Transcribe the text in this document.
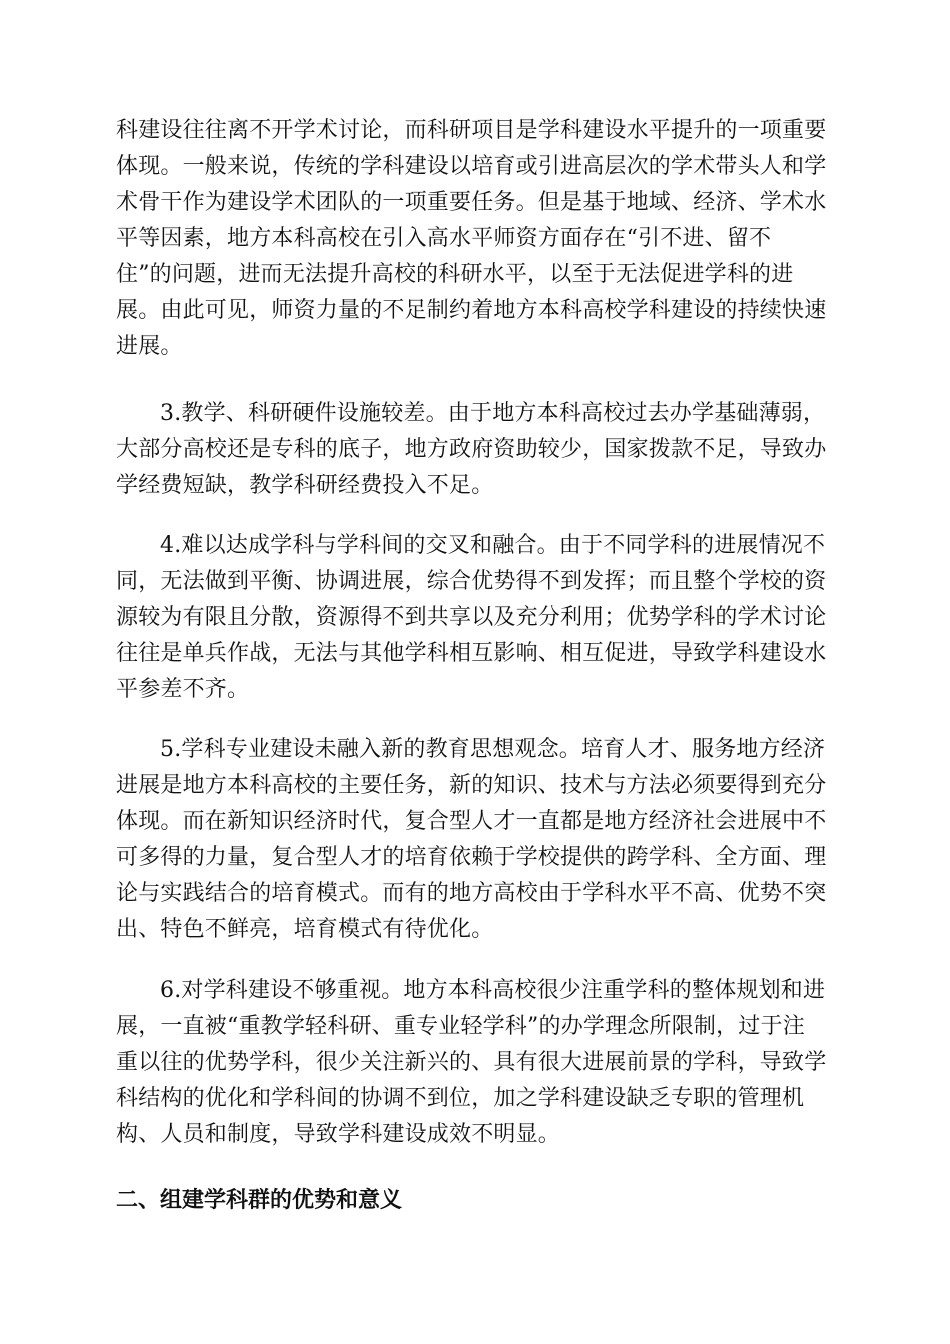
科建设往往离不开学术讨论，而科研项目是学科建设水平提升的一项重要
体现。一般来说，传统的学科建设以培育或引进高层次的学术带头人和学
术骨干作为建设学术团队的一项重要任务。但是基于地域、经济、学术水
平等因素，地方本科高校在引入高水平师资方面存在“引不进、留不
住”的问题，进而无法提升高校的科研水平，以至于无法促进学科的进
展。由此可见，师资力量的不足制约着地方本科高校学科建设的持续快速
进展。
3.教学、科研硬件设施较差。由于地方本科高校过去办学基础薄弱，
大部分高校还是专科的底子，地方政府资助较少，国家拨款不足，导致办
学经费短缺，教学科研经费投入不足。
4.难以达成学科与学科间的交叉和融合。由于不同学科的进展情况不
同，无法做到平衡、协调进展，综合优势得不到发挥；而且整个学校的资
源较为有限且分散，资源得不到共享以及充分利用；优势学科的学术讨论
往往是单兵作战，无法与其他学科相互影响、相互促进，导致学科建设水
平参差不齐。
5.学科专业建设未融入新的教育思想观念。培育人才、服务地方经济
进展是地方本科高校的主要任务，新的知识、技术与方法必须要得到充分
体现。而在新知识经济时代，复合型人才一直都是地方经济社会进展中不
可多得的力量，复合型人才的培育依赖于学校提供的跨学科、全方面、理
论与实践结合的培育模式。而有的地方高校由于学科水平不高、优势不突
出、特色不鲜亮，培育模式有待优化。
6.对学科建设不够重视。地方本科高校很少注重学科的整体规划和进
展，一直被“重教学轻科研、重专业轻学科”的办学理念所限制，过于注
重以往的优势学科，很少关注新兴的、具有很大进展前景的学科，导致学
科结构的优化和学科间的协调不到位，加之学科建设缺乏专职的管理机
构、人员和制度，导致学科建设成效不明显。
二、组建学科群的优势和意义
